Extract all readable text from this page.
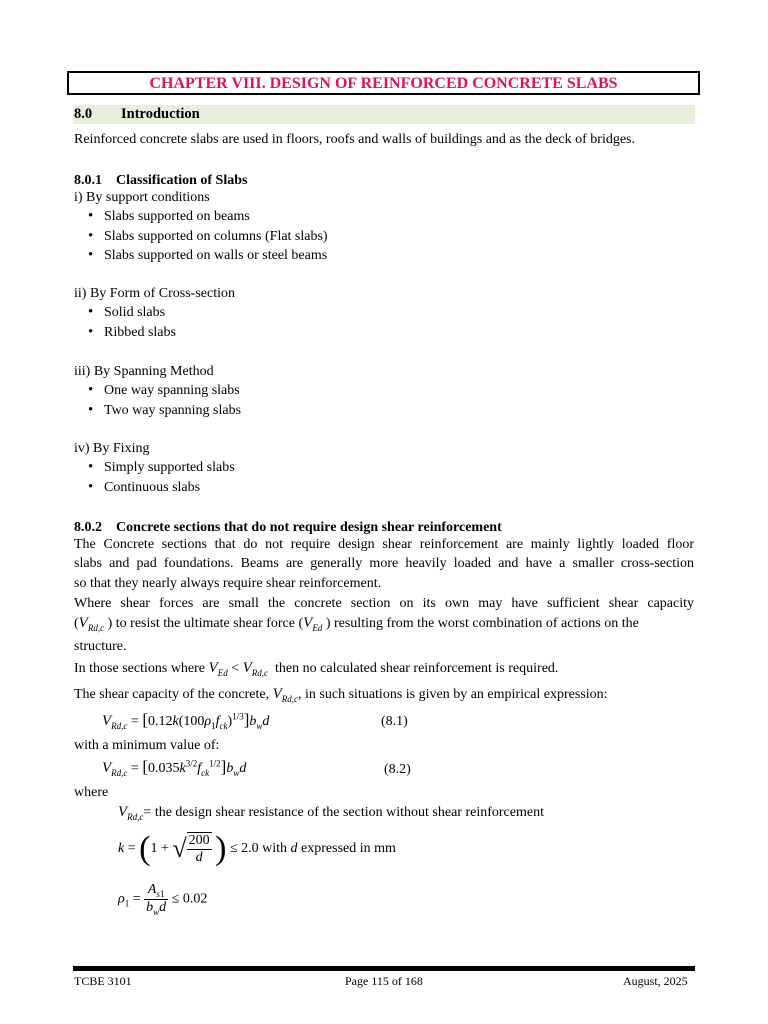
CHAPTER VIII. DESIGN OF REINFORCED CONCRETE SLABS
8.0 Introduction
Reinforced concrete slabs are used in floors, roofs and walls of buildings and as the deck of bridges.
8.0.1 Classification of Slabs
i) By support conditions
• Slabs supported on beams
• Slabs supported on columns (Flat slabs)
• Slabs supported on walls or steel beams
ii) By Form of Cross-section
• Solid slabs
• Ribbed slabs
iii) By Spanning Method
• One way spanning slabs
• Two way spanning slabs
iv) By Fixing
• Simply supported slabs
• Continuous slabs
8.0.2 Concrete sections that do not require design shear reinforcement
The Concrete sections that do not require design shear reinforcement are mainly lightly loaded floor
slabs and pad foundations. Beams are generally more heavily loaded and have a smaller cross-section
so that they nearly always require shear reinforcement.
Where shear forces are small the concrete section on its own may have sufficient shear capacity
($V_{Rd,c}$ ) to resist the ultimate shear force ($V_{Ed}$ ) resulting from the worst combination of actions on the
structure.
In those sections where $V_{Ed} < V_{Rd,c}$ then no calculated shear reinforcement is required.
The shear capacity of the concrete, $V_{Rd,c}$, in such situations is given by an empirical expression:
$V_{Rd,c} = [0.12k(100\rho_1f_{ck})^{1/3}]b_wd$	(8.1)
with a minimum value of:
$V_{Rd,c} = [0.035k^{3/2}f_{ck}^{1/2}]b_wd$	(8.2)
where
$V_{Rd,c}=$ the design shear resistance of the section without shear reinforcement
k = (1 + √ $\frac{200}{d}$ ) ≤ 2.0 with d expressed in mm
$\rho_1 = \frac{A_{s1}}{b_wd} \le 0.02$
TCBE 3101	Page 115 of 168	August, 2025
